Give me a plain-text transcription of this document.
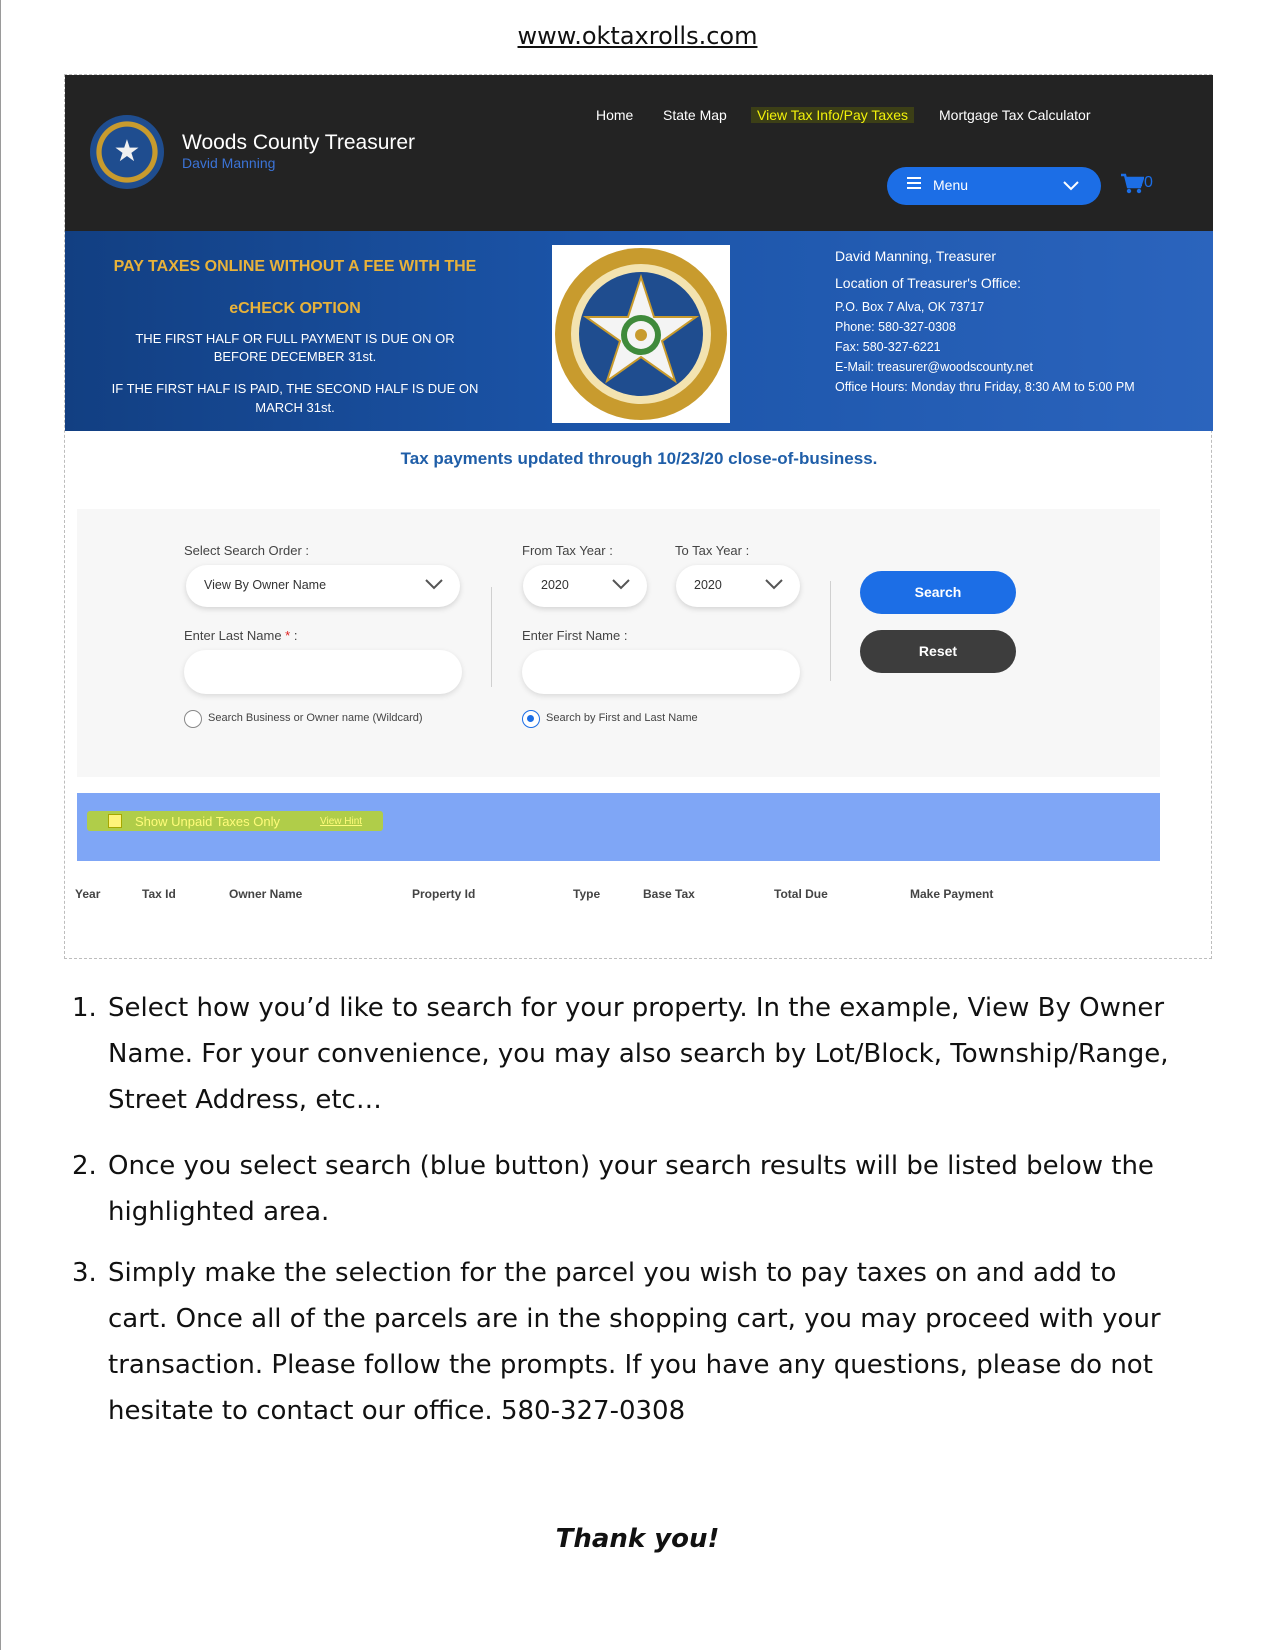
www.oktaxrolls.com
★ Woods County Treasurer
David Manning
Home State Map	View Tax Info/Pay Taxes	Mortgage Tax Calculator
Menu	0
PAY TAXES ONLINE WITHOUT A FEE WITH THE
eCHECK OPTION
THE FIRST HALF OR FULL PAYMENT IS DUE ON OR
BEFORE DECEMBER 31st.
IF THE FIRST HALF IS PAID, THE SECOND HALF IS DUE ON
MARCH 31st.
David Manning, Treasurer
Location of Treasurer's Office:
P.O. Box 7 Alva, OK 73717
Phone: 580-327-0308
Fax: 580-327-6221
E-Mail: treasurer@woodscounty.net
Office Hours: Monday thru Friday, 8:30 AM to 5:00 PM
Tax payments updated through 10/23/20 close-of-business.
Select Search Order :
View By Owner Name
Enter Last Name * :
From Tax Year :
2020
To Tax Year :
2020
Enter First Name :
Search
Reset
Search Business or Owner name (Wildcard)	Search by First and Last Name
Show Unpaid Taxes Only	View Hint
Year	Tax Id	Owner Name	Property Id	Type	Base Tax	Total Due	Make Payment
1. Select how you’d like to search for your property. In the example, View By Owner Name. For your convenience, you may also search by Lot/Block, Township/Range, Street Address, etc…
2. Once you select search (blue button) your search results will be listed below the highlighted area.
3. Simply make the selection for the parcel you wish to pay taxes on and add to cart. Once all of the parcels are in the shopping cart, you may proceed with your transaction. Please follow the prompts. If you have any questions, please do not hesitate to contact our office. 580-327-0308
Thank you!
